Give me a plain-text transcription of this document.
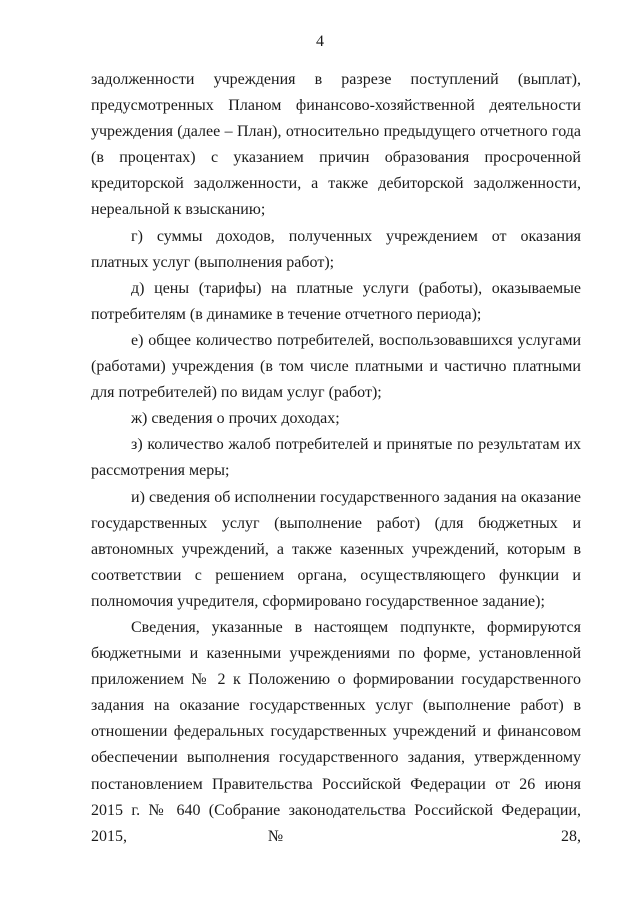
4

задолженности учреждения в разрезе поступлений (выплат), предусмотренных Планом финансово-хозяйственной деятельности учреждения (далее – План), относительно предыдущего отчетного года (в процентах) с указанием причин образования просроченной кредиторской задолженности, а также дебиторской задолженности, нереальной к взысканию;

г) суммы доходов, полученных учреждением от оказания платных услуг (выполнения работ);

д) цены (тарифы) на платные услуги (работы), оказываемые потребителям (в динамике в течение отчетного периода);

е) общее количество потребителей, воспользовавшихся услугами (работами) учреждения (в том числе платными и частично платными для потребителей) по видам услуг (работ);

ж) сведения о прочих доходах;

з) количество жалоб потребителей и принятые по результатам их рассмотрения меры;

и) сведения об исполнении государственного задания на оказание государственных услуг (выполнение работ) (для бюджетных и автономных учреждений, а также казенных учреждений, которым в соответствии с решением органа, осуществляющего функции и полномочия учредителя, сформировано государственное задание);

Сведения, указанные в настоящем подпункте, формируются бюджетными и казенными учреждениями по форме, установленной приложением № 2 к Положению о формировании государственного задания на оказание государственных услуг (выполнение работ) в отношении федеральных государственных учреждений и финансовом обеспечении выполнения государственного задания, утвержденному постановлением Правительства Российской Федерации от 26 июня 2015 г. № 640 (Собрание законодательства Российской Федерации, 2015, № 28,
